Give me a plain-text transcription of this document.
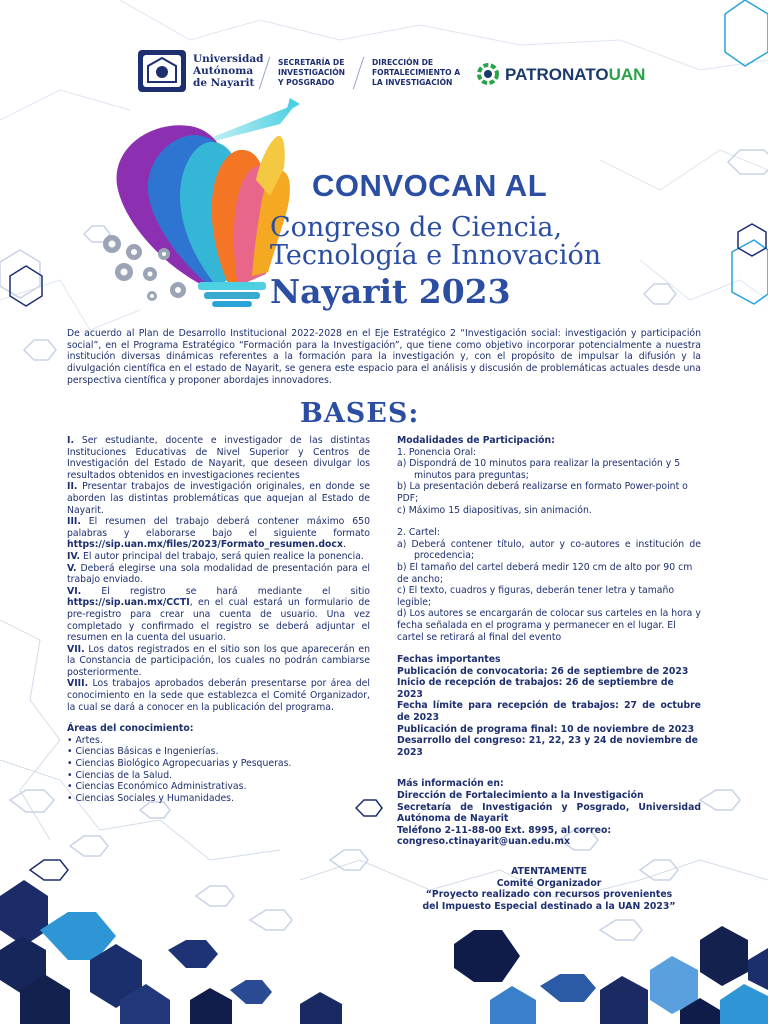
Universidad
Autónoma
de Nayarit
SECRETARÍA DE
INVESTIGACIÓN
Y POSGRADO
DIRECCIÓN DE
FORTALECIMIENTO A
LA INVESTIGACIÓN	PATRONATOUAN
CONVOCAN AL
Congreso de Ciencia,
Tecnología e Innovación
Nayarit 2023
De acuerdo al Plan de Desarrollo Institucional 2022-2028 en el Eje Estratégico 2 “Investigación social: investigación y participación social”, en el Programa Estratégico “Formación para la Investigación”, que tiene como objetivo incorporar potencialmente a nuestra institución diversas dinámicas referentes a la formación para la investigación y, con el propósito de impulsar la difusión y la divulgación científica en el estado de Nayarit, se genera este espacio para el análisis y discusión de problemáticas actuales desde una perspectiva científica y proponer abordajes innovadores.
BASES:

I. Ser estudiante, docente e investigador de las distintas Instituciones Educativas de Nivel Superior y Centros de Investigación del Estado de Nayarit, que deseen divulgar los resultados obtenidos en investigaciones recientes

II. Presentar trabajos de investigación originales, en donde se aborden las distintas problemáticas que aquejan al Estado de Nayarit.

III. El resumen del trabajo deberá contener máximo 650 palabras y elaborarse bajo el siguiente formato https://sip.uan.mx/files/2023/Formato_resumen.docx.

IV. El autor principal del trabajo, será quien realice la ponencia.

V. Deberá elegirse una sola modalidad de presentación para el trabajo enviado.

VI. El registro se hará mediante el sitio https://sip.uan.mx/CCTI, en el cual estará un formulario de pre-registro para crear una cuenta de usuario. Una vez completado y confirmado el registro se deberá adjuntar el resumen en la cuenta del usuario.

VII. Los datos registrados en el sitio son los que aparecerán en la Constancia de participación, los cuales no podrán cambiarse posteriormente.

VIII. Los trabajos aprobados deberán presentarse por área del conocimiento en la sede que establezca el Comité Organizador, la cual se dará a conocer en la publicación del programa.

Áreas del conocimiento:

• Artes.

• Ciencias Básicas e Ingenierías.

• Ciencias Biológico Agropecuarias y Pesqueras.

• Ciencias de la Salud.

• Ciencias Económico Administrativas.

• Ciencias Sociales y Humanidades.

Modalidades de Participación:

1. Ponencia Oral:

a) Dispondrá de 10 minutos para realizar la presentación y 5 minutos para preguntas;

b) La presentación deberá realizarse en formato Power-point o PDF;

c) Máximo 15 diapositivas, sin animación.

2. Cartel:

a) Deberá contener título, autor y co-autores e institución de procedencia;

b) El tamaño del cartel deberá medir 120 cm de alto por 90 cm de ancho;

c) El texto, cuadros y figuras, deberán tener letra y tamaño legible;

d) Los autores se encargarán de colocar sus carteles en la hora y fecha señalada en el programa y permanecer en el lugar. El cartel se retirará al final del evento

Fechas importantes

Publicación de convocatoria: 26 de septiembre de 2023

Inicio de recepción de trabajos: 26 de septiembre de 2023

Fecha límite para recepción de trabajos: 27 de octubre de 2023

Publicación de programa final: 10 de noviembre de 2023

Desarrollo del congreso: 21, 22, 23 y 24 de noviembre de 2023

Más información en:

Dirección de Fortalecimiento a la Investigación

Secretaría de Investigación y Posgrado, Universidad Autónoma de Nayarit

Teléfono 2-11-88-00 Ext. 8995, al correo:

congreso.ctinayarit@uan.edu.mx

ATENTAMENTE

Comité Organizador

“Proyecto realizado con recursos provenientes del Impuesto Especial destinado a la UAN 2023”
